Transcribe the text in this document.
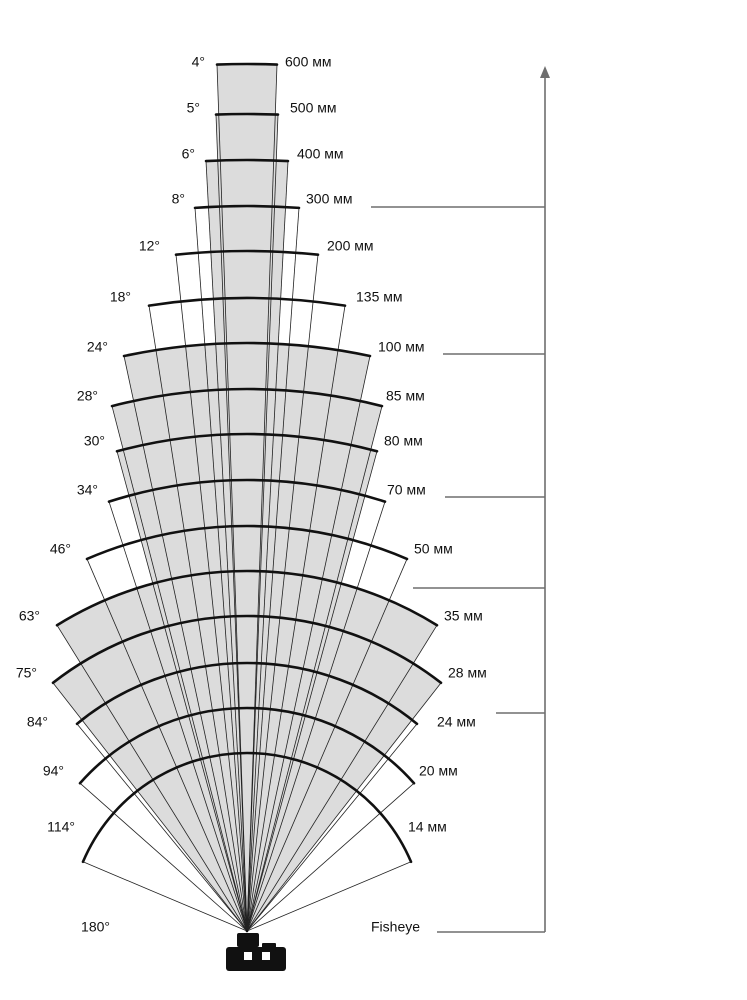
4°	600 мм
5°	500 мм
6°	400 мм
8°	300 мм
12°	200 мм
18°	135 мм
24°	100 мм
28°	85 мм
30°	80 мм
34°	70 мм
46°	50 мм
63°	35 мм
75°	28 мм
84°	24 мм
94°	20 мм
114°	14 мм
180°	Fisheye
